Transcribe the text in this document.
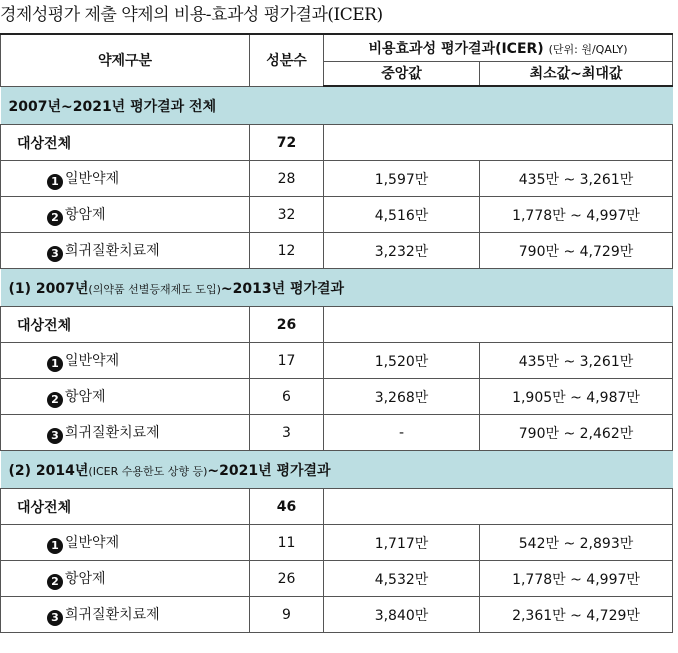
경제성평가 제출 약제의 비용-효과성 평가결과(ICER)
약제구분	성분수	비용효과성 평가결과(ICER) (단위: 원/QALY)	
		중앙값	최소값~최대값
2007년~2021년 평가결과 전체			
대상전체	72		
1 일반약제	28	1,597만	435만 ~ 3,261만
2 항암제	32	4,516만	1,778만 ~ 4,997만
3 희귀질환치료제	12	3,232만	790만 ~ 4,729만
(1) 2007년(의약품 선별등재제도 도입)~2013년 평가결과			
대상전체	26		
1 일반약제	17	1,520만	435만 ~ 3,261만
2 항암제	6	3,268만	1,905만 ~ 4,987만
3 희귀질환치료제	3	-	790만 ~ 2,462만
(2) 2014년(ICER 수용한도 상향 등)~2021년 평가결과			
대상전체	46		
1 일반약제	11	1,717만	542만 ~ 2,893만
2 항암제	26	4,532만	1,778만 ~ 4,997만
3 희귀질환치료제	9	3,840만	2,361만 ~ 4,729만
